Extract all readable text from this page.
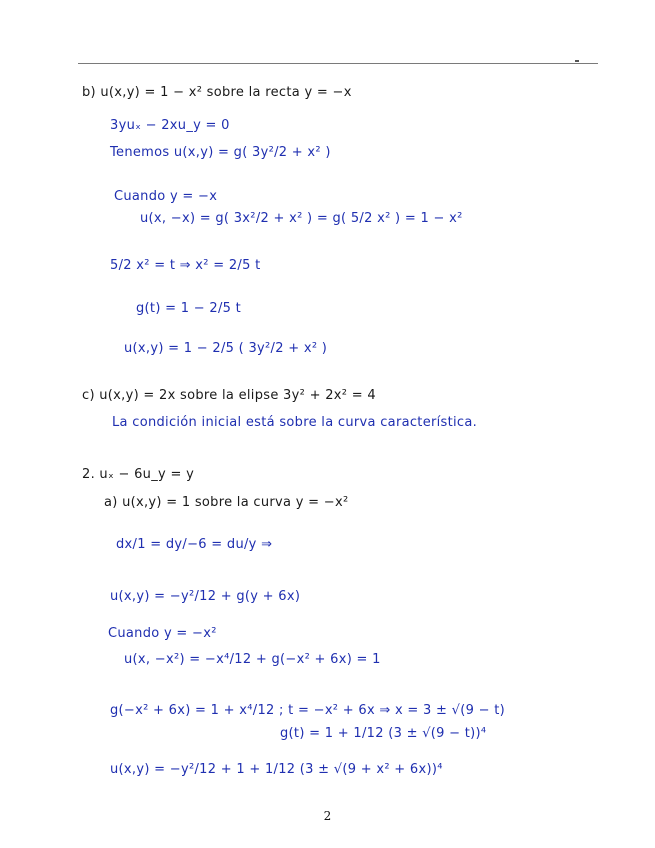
b) u(x,y) = 1 − x² sobre la recta y = −x
3yuₓ − 2xu_y = 0
Tenemos u(x,y) = g( 3y²/2 + x² )
Cuando y = −x
u(x, −x) = g( 3x²/2 + x² ) = g( 5/2 x² ) = 1 − x²
5/2 x² = t ⇒ x² = 2/5 t
g(t) = 1 − 2/5 t
u(x,y) = 1 − 2/5 ( 3y²/2 + x² )
c) u(x,y) = 2x sobre la elipse 3y² + 2x² = 4
La condición inicial está sobre la curva característica.
2. uₓ − 6u_y = y
a) u(x,y) = 1 sobre la curva y = −x²
dx/1 = dy/−6 = du/y ⇒
u(x,y) = −y²/12 + g(y + 6x)
Cuando y = −x²
u(x, −x²) = −x⁴/12 + g(−x² + 6x) = 1
g(−x² + 6x) = 1 + x⁴/12 ; t = −x² + 6x ⇒ x = 3 ± √(9 − t)
g(t) = 1 + 1/12 (3 ± √(9 − t))⁴
u(x,y) = −y²/12 + 1 + 1/12 (3 ± √(9 + x² + 6x))⁴
2
